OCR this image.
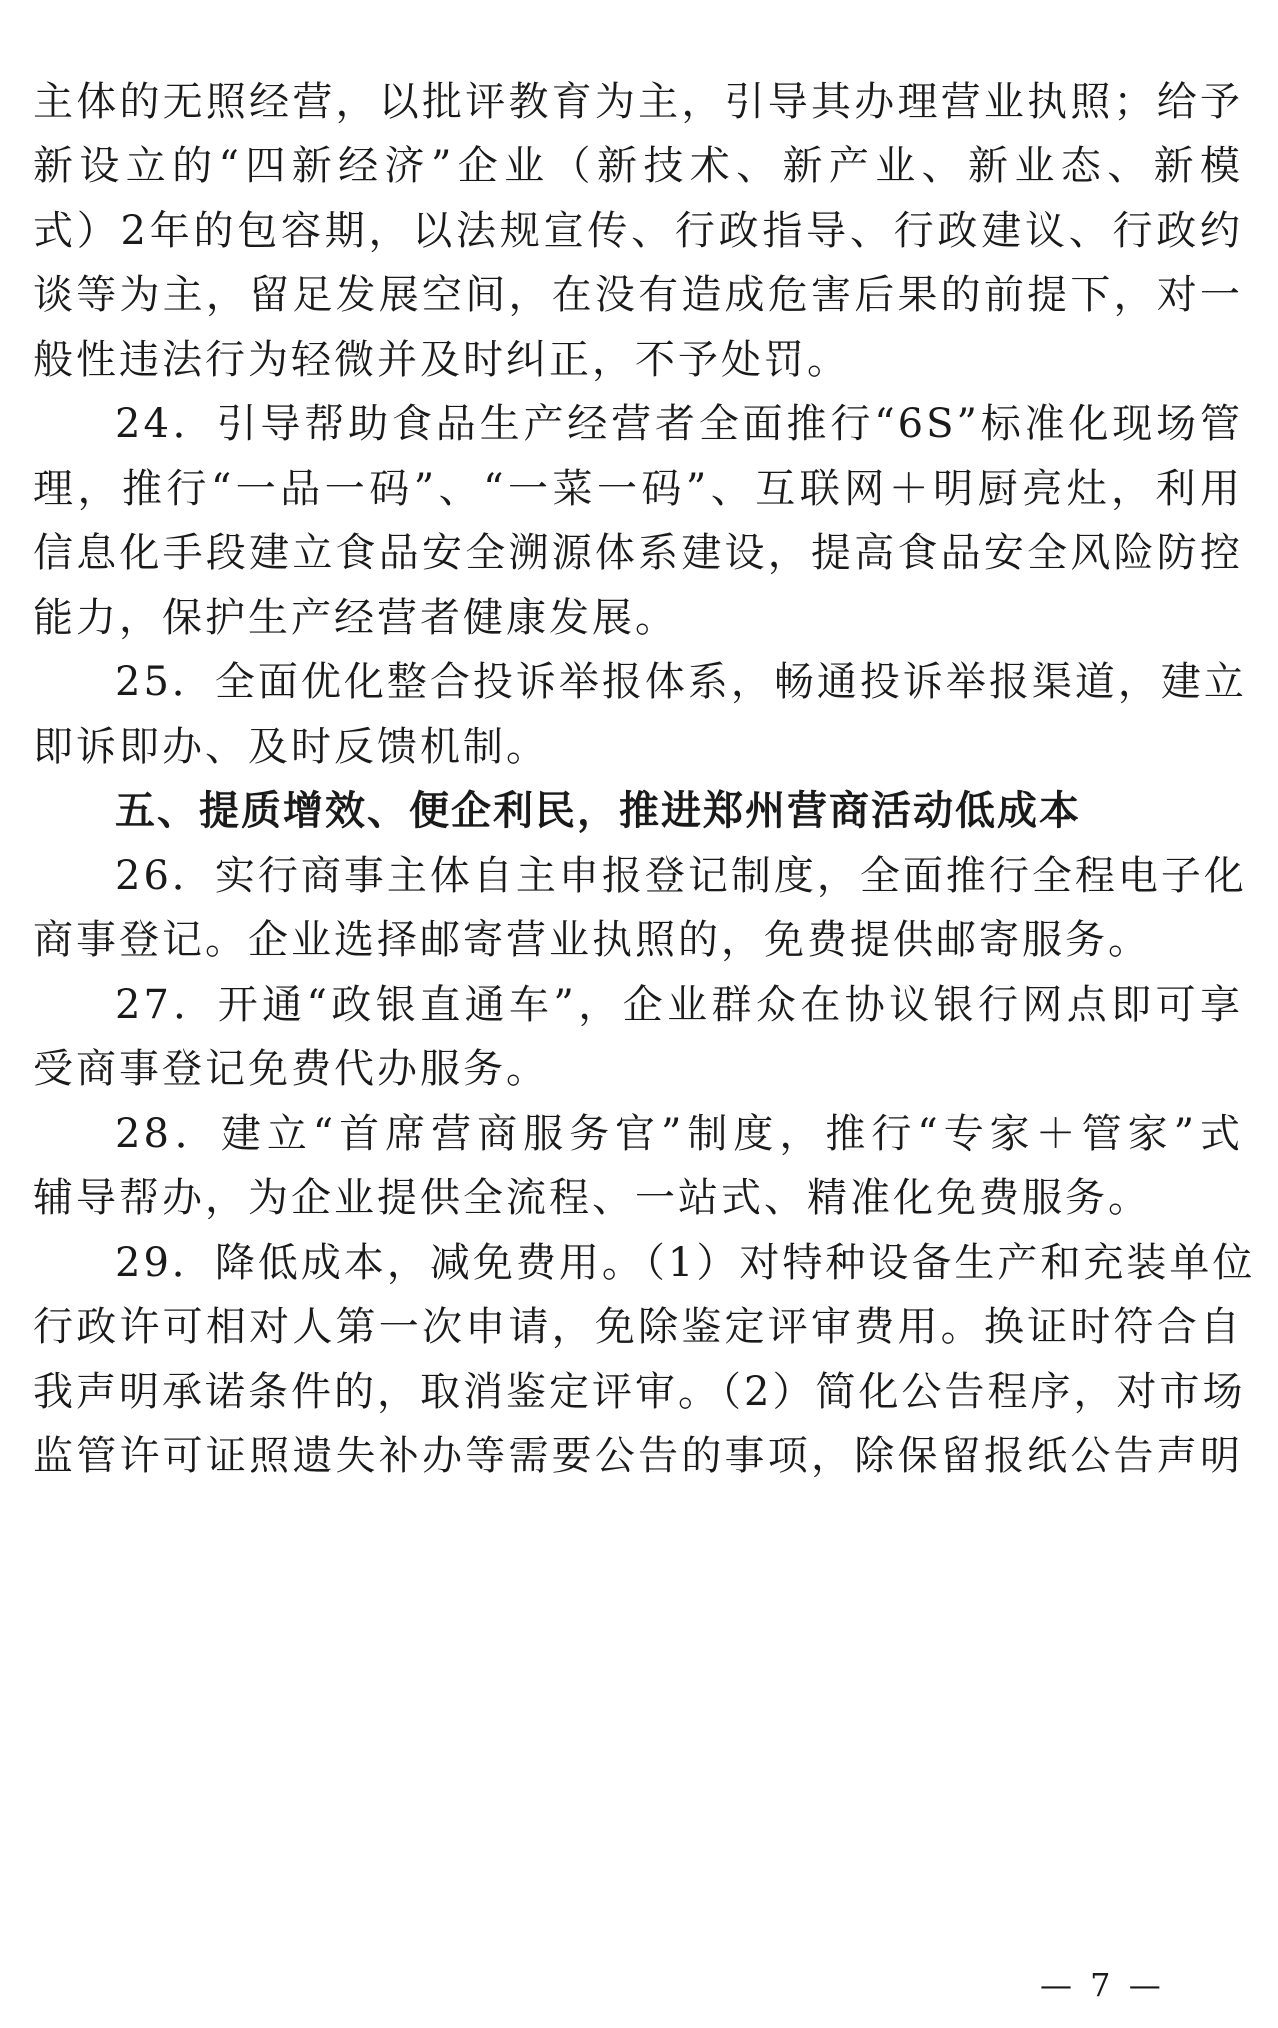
主体的无照经营，以批评教育为主，引导其办理营业执照；给予
新设立的“四新经济”企业（新技术、新产业、新业态、新模
式）2年的包容期，以法规宣传、行政指导、行政建议、行政约
谈等为主，留足发展空间，在没有造成危害后果的前提下，对一
般性违法行为轻微并及时纠正，不予处罚。
24．引导帮助食品生产经营者全面推行“6S”标准化现场管
理，推行“一品一码”、“一菜一码”、互联网＋明厨亮灶，利用
信息化手段建立食品安全溯源体系建设，提高食品安全风险防控
能力，保护生产经营者健康发展。
25．全面优化整合投诉举报体系，畅通投诉举报渠道，建立
即诉即办、及时反馈机制。
五、提质增效、便企利民，推进郑州营商活动低成本
26．实行商事主体自主申报登记制度，全面推行全程电子化
商事登记。企业选择邮寄营业执照的，免费提供邮寄服务。
27．开通“政银直通车”，企业群众在协议银行网点即可享
受商事登记免费代办服务。
28．建立“首席营商服务官”制度，推行“专家＋管家”式
辅导帮办，为企业提供全流程、一站式、精准化免费服务。
29．降低成本，减免费用。（1）对特种设备生产和充装单位
行政许可相对人第一次申请，免除鉴定评审费用。换证时符合自
我声明承诺条件的，取消鉴定评审。（2）简化公告程序，对市场
监管许可证照遗失补办等需要公告的事项，除保留报纸公告声明
— 7 —
